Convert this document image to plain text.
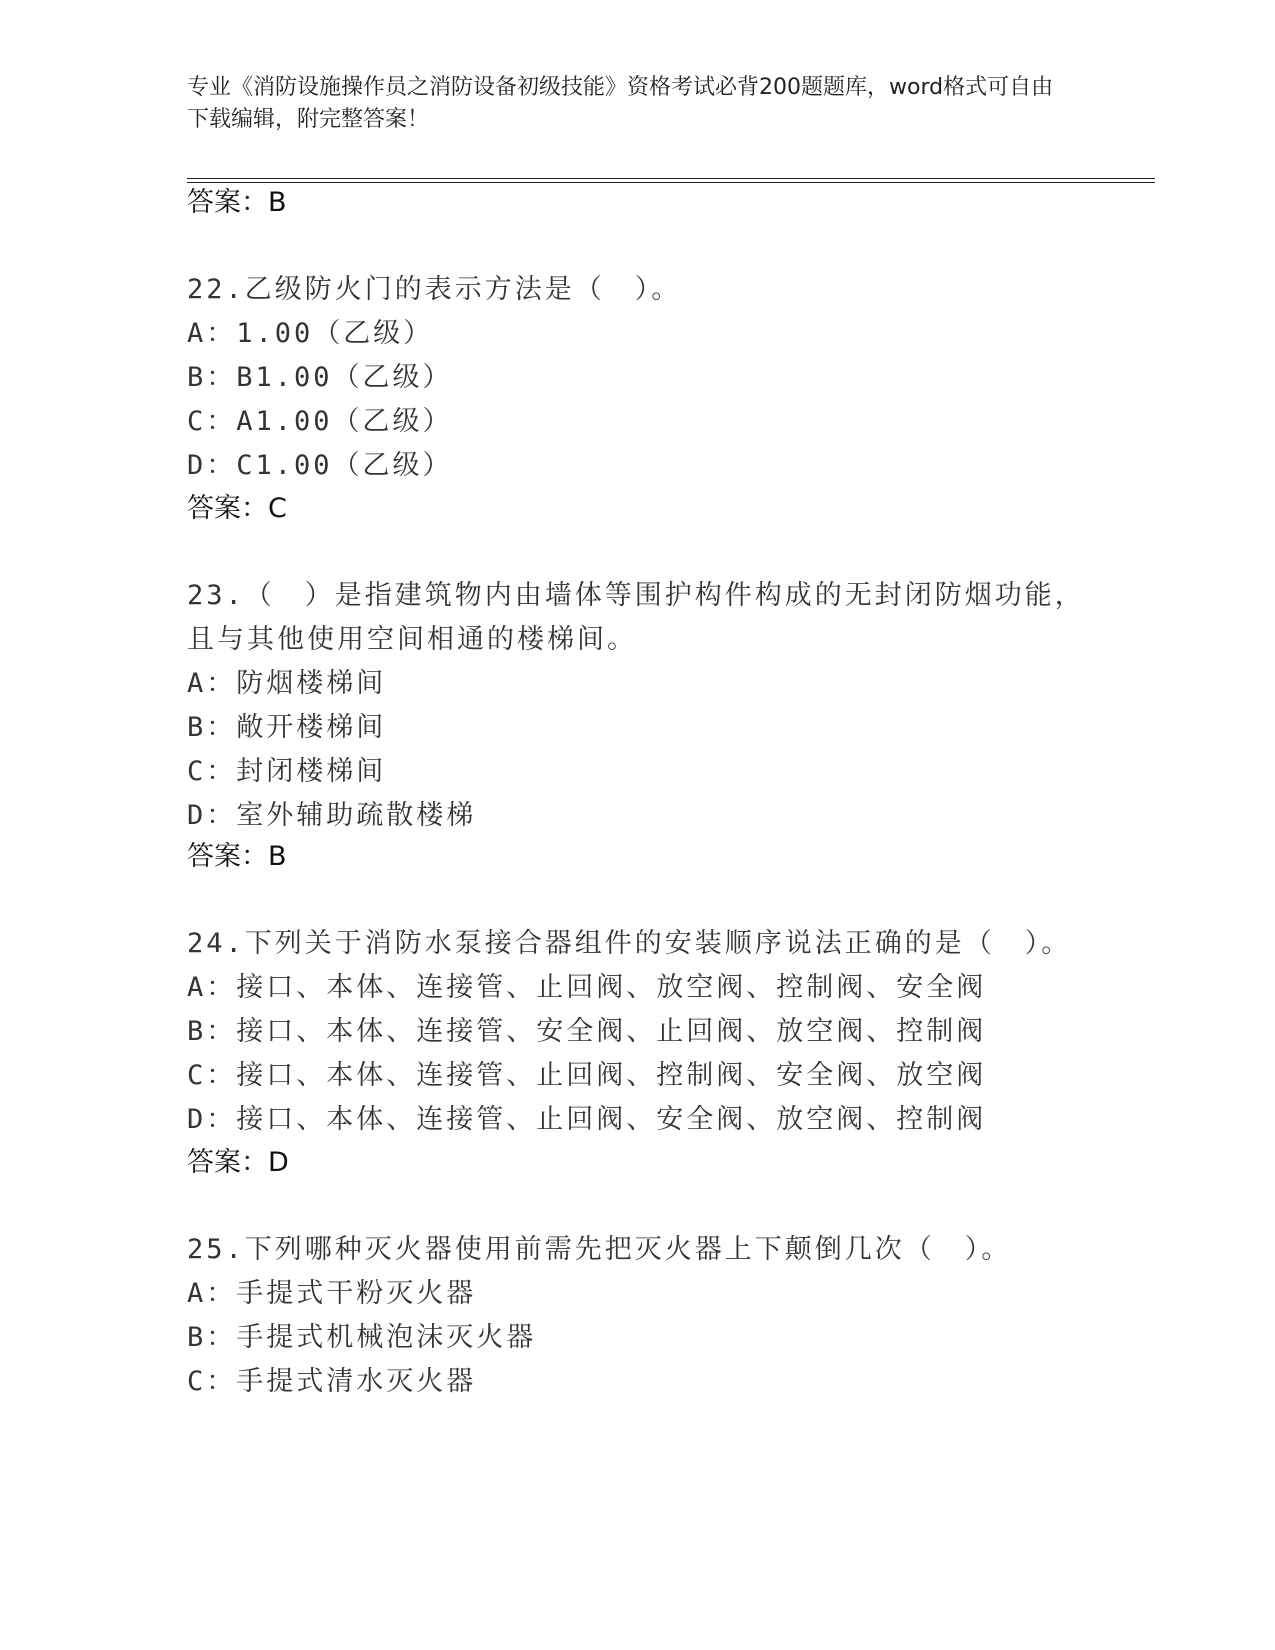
专业《消防设施操作员之消防设备初级技能》资格考试必背200题题库，word格式可自由下载编辑，附完整答案！
答案：B
22.乙级防火门的表示方法是（　）。
A：1.00（乙级）
B：B1.00（乙级）
C：A1.00（乙级）
D：C1.00（乙级）
答案：C
23.（　）是指建筑物内由墙体等围护构件构成的无封闭防烟功能，且与其他使用空间相通的楼梯间。
A：防烟楼梯间
B：敞开楼梯间
C：封闭楼梯间
D：室外辅助疏散楼梯
答案：B
24.下列关于消防水泵接合器组件的安装顺序说法正确的是（　）。
A：接口、本体、连接管、止回阀、放空阀、控制阀、安全阀
B：接口、本体、连接管、安全阀、止回阀、放空阀、控制阀
C：接口、本体、连接管、止回阀、控制阀、安全阀、放空阀
D：接口、本体、连接管、止回阀、安全阀、放空阀、控制阀
答案：D
25.下列哪种灭火器使用前需先把灭火器上下颠倒几次（　）。
A：手提式干粉灭火器
B：手提式机械泡沫灭火器
C：手提式清水灭火器
